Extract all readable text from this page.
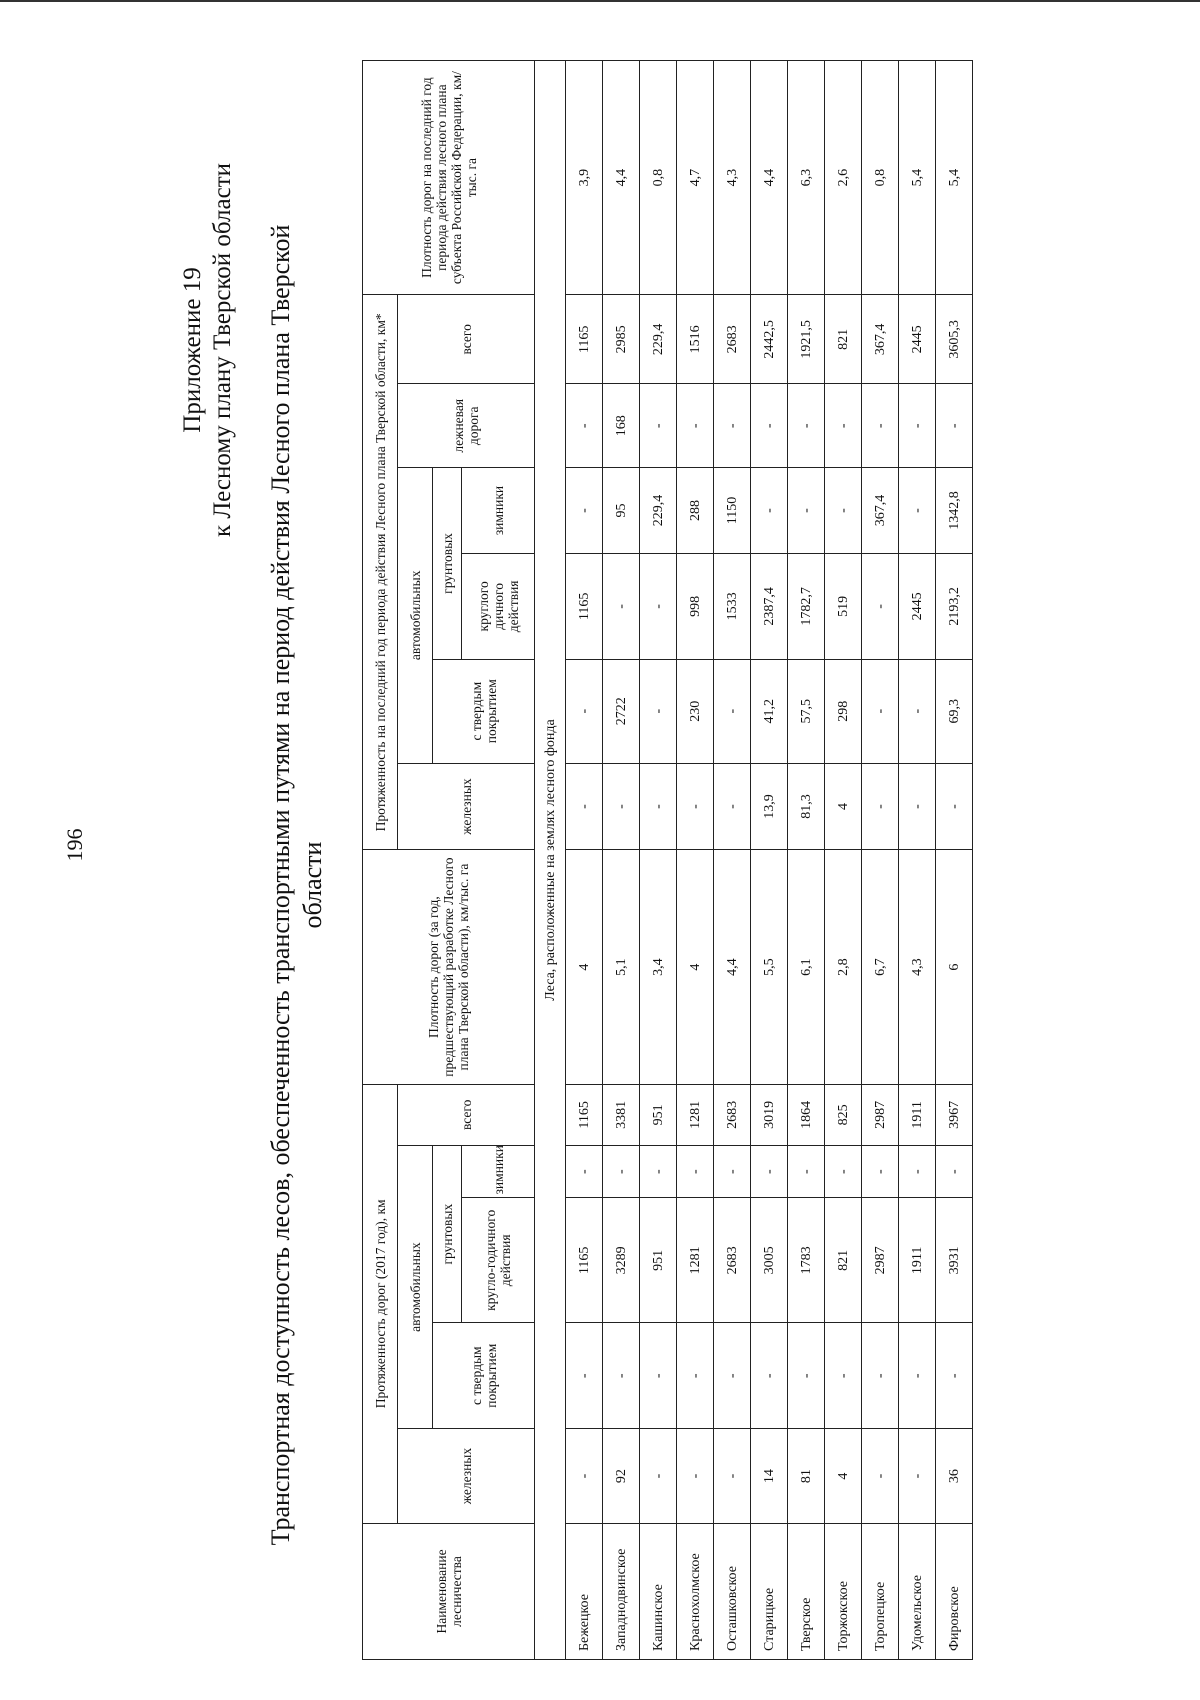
196
Приложение 19 к Лесному плану Тверской области Транспортная доступность лесов, обеспеченность транспортными путями на период действия Лесного плана Тверской области
Наименование лесничества	Протяженность дорог (2017 год), км					Плотность дорог (за год, предшествующий разработке Лесного плана Тверской области), км/тыс. га	Протяженность на последний год периода действия Лесного плана Тверской области, км*						Плотность дорог на последний год периода действия лесного плана субъекта Российской Федерации, км/тыс. га
	железных	автомобильных			всего		железных	автомобильных			лежневая дорога	всего	
		с твердым покрытием	грунтовых					с твердым покрытием	грунтовых				
			кругло-годичного действия	зимники					круглого дичного действия	зимники			
Леса, расположенные на землях лесного фонда													
Бежецкое	-	-	1165	-	1165	4	-	-	1165	-	-	1165	3,9
Западнодвинское	92	-	3289	-	3381	5,1	-	2722	-	95	168	2985	4,4
Кашинское	-	-	951	-	951	3,4	-	-	-	229,4	-	229,4	0,8
Краснохолмское	-	-	1281	-	1281	4	-	230	998	288	-	1516	4,7
Осташковское	-	-	2683	-	2683	4,4	-	-	1533	1150	-	2683	4,3
Старицкое	14	-	3005	-	3019	5,5	13,9	41,2	2387,4	-	-	2442,5	4,4
Тверское	81	-	1783	-	1864	6,1	81,3	57,5	1782,7	-	-	1921,5	6,3
Торжокское	4	-	821	-	825	2,8	4	298	519	-	-	821	2,6
Торопецкое	-	-	2987	-	2987	6,7	-	-	-	367,4	-	367,4	0,8
Удомельское	-	-	1911	-	1911	4,3	-	-	2445	-	-	2445	5,4
Фировское	36	-	3931	-	3967	6	-	69,3	2193,2	1342,8	-	3605,3	5,4
